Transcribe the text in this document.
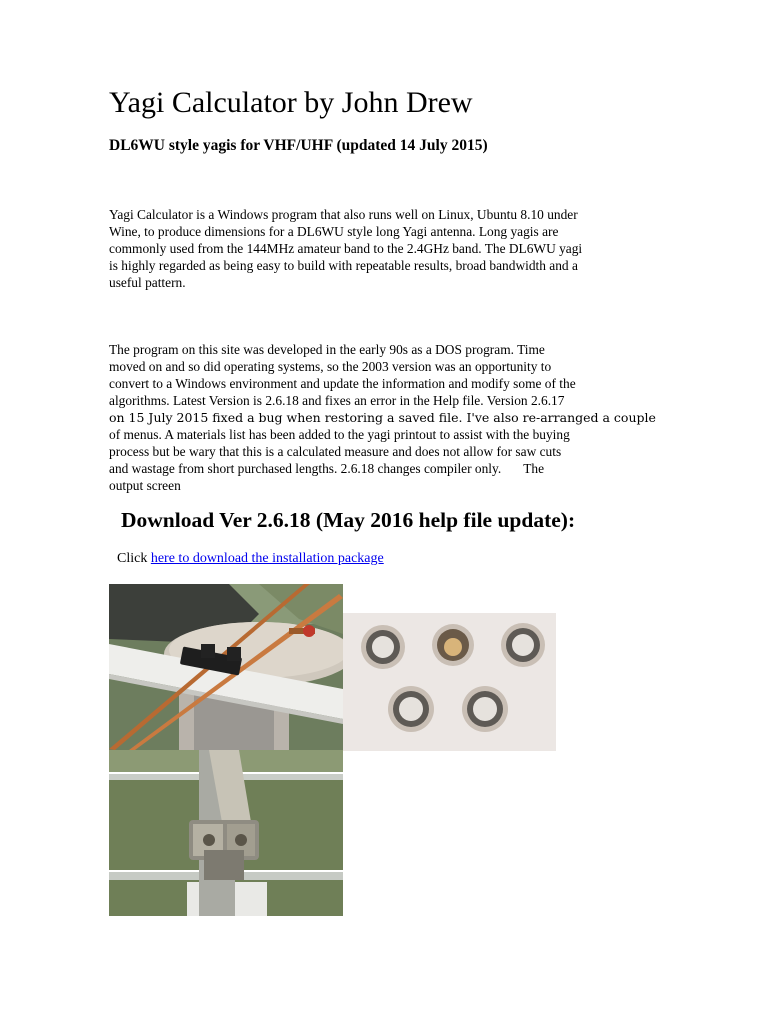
Yagi Calculator by John Drew
DL6WU style yagis for VHF/UHF (updated 14 July 2015)

Yagi Calculator is a Windows program that also runs well on Linux, Ubuntu 8.10 under
Wine, to produce dimensions for a DL6WU style long Yagi antenna. Long yagis are
commonly used from the 144MHz amateur band to the 2.4GHz band. The DL6WU yagi
is highly regarded as being easy to build with repeatable results, broad bandwidth and a
useful pattern.

The program on this site was developed in the early 90s as a DOS program. Time
moved on and so did operating systems, so the 2003 version was an opportunity to
convert to a Windows environment and update the information and modify some of the
algorithms. Latest Version is 2.6.18 and fixes an error in the Help file. Version 2.6.17
on 15 July 2015 fixed a bug when restoring a saved file. I've also re-arranged a couple
of menus. A materials list has been added to the yagi printout to assist with the buying
process but be wary that this is a calculated measure and does not allow for saw cuts
and wastage from short purchased lengths. 2.6.18 changes compiler only. The
output screen

Download Ver 2.6.18 (May 2016 help file update):
Click here to download the installation package
